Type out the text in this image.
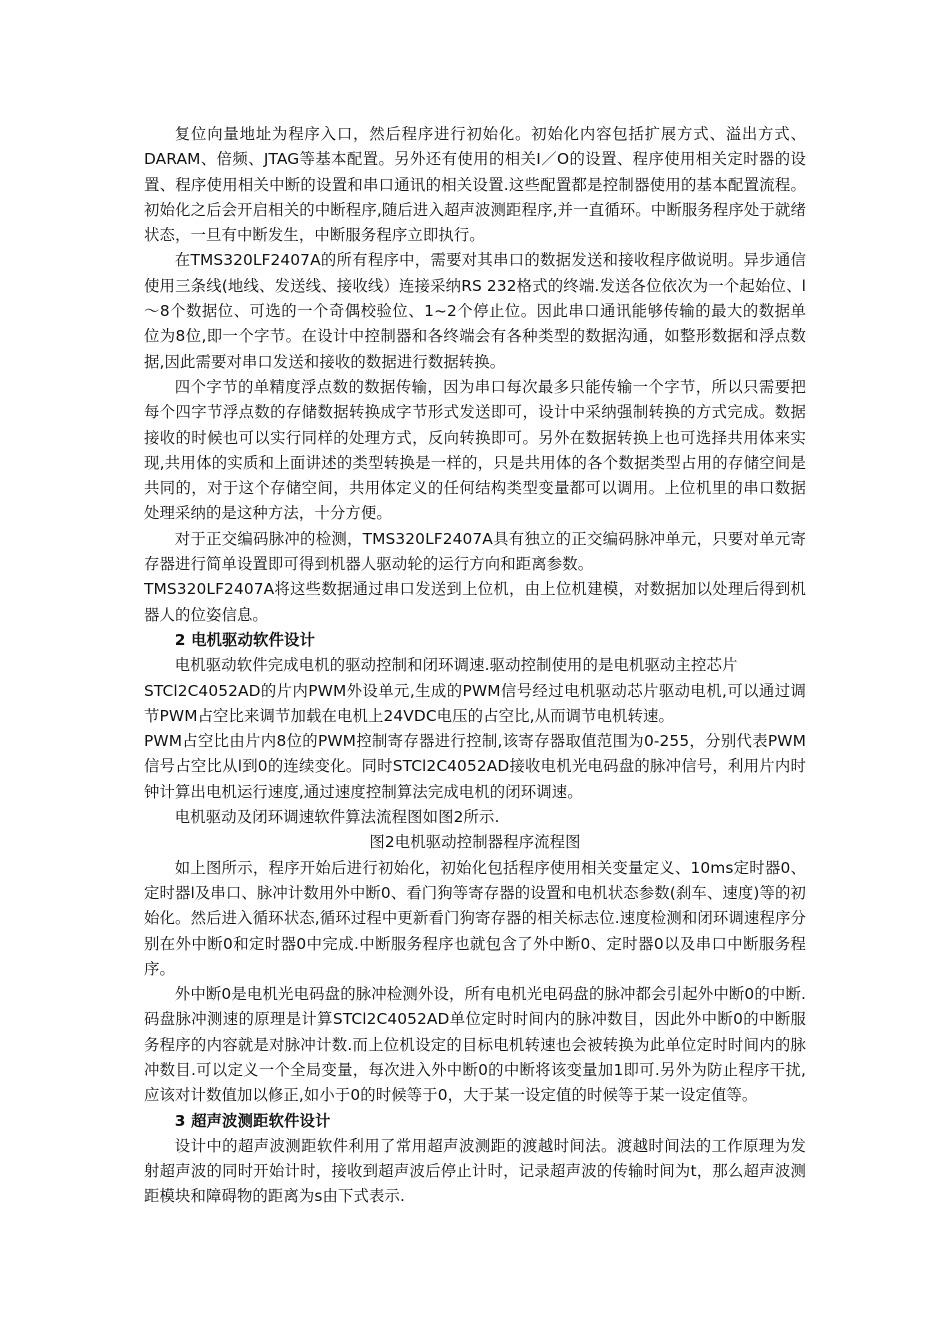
复位向量地址为程序入口，然后程序进行初始化。初始化内容包括扩展方式、溢出方式、DARAM、倍频、JTAG等基本配置。另外还有使用的相关I／O的设置、程序使用相关定时器的设置、程序使用相关中断的设置和串口通讯的相关设置.这些配置都是控制器使用的基本配置流程。初始化之后会开启相关的中断程序,随后进入超声波测距程序,并一直循环。中断服务程序处于就绪状态，一旦有中断发生，中断服务程序立即执行。

在TMS320LF2407A的所有程序中，需要对其串口的数据发送和接收程序做说明。异步通信使用三条线(地线、发送线、接收线）连接采纳RS 232格式的终端.发送各位依次为一个起始位、l～8个数据位、可选的一个奇偶校验位、1~2个停止位。因此串口通讯能够传输的最大的数据单位为8位,即一个字节。在设计中控制器和各终端会有各种类型的数据沟通，如整形数据和浮点数据,因此需要对串口发送和接收的数据进行数据转换。

四个字节的单精度浮点数的数据传输，因为串口每次最多只能传输一个字节，所以只需要把每个四字节浮点数的存储数据转换成字节形式发送即可，设计中采纳强制转换的方式完成。数据接收的时候也可以实行同样的处理方式，反向转换即可。另外在数据转换上也可选择共用体来实现,共用体的实质和上面讲述的类型转换是一样的，只是共用体的各个数据类型占用的存储空间是共同的，对于这个存储空间，共用体定义的任何结构类型变量都可以调用。上位机里的串口数据处理采纳的是这种方法，十分方便。

对于正交编码脉冲的检测，TMS320LF2407A具有独立的正交编码脉冲单元，只要对单元寄存器进行简单设置即可得到机器人驱动轮的运行方向和距离参数。

TMS320LF2407A将这些数据通过串口发送到上位机，由上位机建模，对数据加以处理后得到机器人的位姿信息。

2 电机驱动软件设计

电机驱动软件完成电机的驱动控制和闭环调速.驱动控制使用的是电机驱动主控芯片

STCl2C4052AD的片内PWM外设单元,生成的PWM信号经过电机驱动芯片驱动电机,可以通过调节PWM占空比来调节加载在电机上24VDC电压的占空比,从而调节电机转速。

PWM占空比由片内8位的PWM控制寄存器进行控制,该寄存器取值范围为0-255，分别代表PWM信号占空比从l到0的连续变化。同时STCl2C4052AD接收电机光电码盘的脉冲信号，利用片内时钟计算出电机运行速度,通过速度控制算法完成电机的闭环调速。

电机驱动及闭环调速软件算法流程图如图2所示.

图2电机驱动控制器程序流程图

如上图所示，程序开始后进行初始化，初始化包括程序使用相关变量定义、10ms定时器0、定时器l及串口、脉冲计数用外中断0、看门狗等寄存器的设置和电机状态参数(刹车、速度)等的初始化。然后进入循环状态,循环过程中更新看门狗寄存器的相关标志位.速度检测和闭环调速程序分别在外中断0和定时器0中完成.中断服务程序也就包含了外中断0、定时器0以及串口中断服务程序。

外中断0是电机光电码盘的脉冲检测外设，所有电机光电码盘的脉冲都会引起外中断0的中断.码盘脉冲测速的原理是计算STCl2C4052AD单位定时时间内的脉冲数目，因此外中断0的中断服务程序的内容就是对脉冲计数.而上位机设定的目标电机转速也会被转换为此单位定时时间内的脉冲数目.可以定义一个全局变量，每次进入外中断0的中断将该变量加1即可.另外为防止程序干扰,应该对计数值加以修正,如小于0的时候等于0，大于某一设定值的时候等于某一设定值等。

3 超声波测距软件设计

设计中的超声波测距软件利用了常用超声波测距的渡越时间法。渡越时间法的工作原理为发射超声波的同时开始计时，接收到超声波后停止计时，记录超声波的传输时间为t，那么超声波测距模块和障碍物的距离为s由下式表示.
